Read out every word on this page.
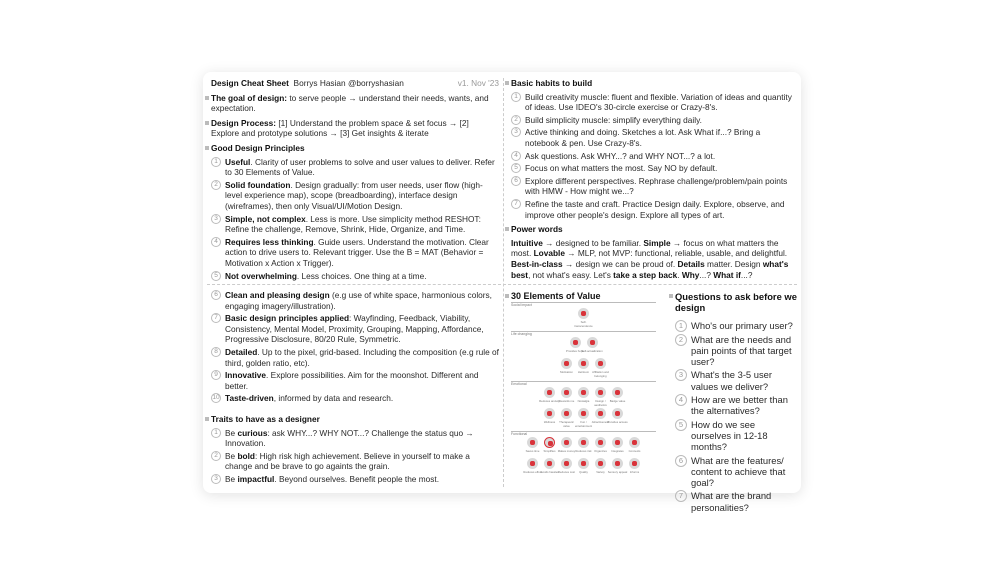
Design Cheat Sheet Borrys Hasian @borryshasian	v1. Nov '23
The goal of design: to serve people → understand their needs, wants, and expectation.
Design Process: [1] Understand the problem space & set focus → [2] Explore and prototype solutions → [3] Get insights & iterate
Good Design Principles
1 Useful. Clarity of user problems to solve and user values to deliver. Refer to 30 Elements of Value.
2 Solid foundation. Design gradually: from user needs, user flow (high-level experience map), scope (breadboarding), interface design (wireframes), then only Visual/UI/Motion Design.
3 Simple, not complex. Less is more. Use simplicity method RESHOT: Refine the challenge, Remove, Shrink, Hide, Organize, and Time.
4 Requires less thinking. Guide users. Understand the motivation. Clear action to drive users to. Relevant trigger. Use the B = MAT (Behavior = Motivation x Action x Trigger).
5 Not overwhelming. Less choices. One thing at a time.
Basic habits to build
1 Build creativity muscle: fluent and flexible. Variation of ideas and quantity of ideas. Use IDEO's 30-circle exercise or Crazy-8's.
2 Build simplicity muscle: simplify everything daily.
3 Active thinking and doing. Sketches a lot. Ask What if...? Bring a notebook & pen. Use Crazy-8's.
4 Ask questions. Ask WHY...? and WHY NOT...? a lot.
5 Focus on what matters the most. Say NO by default.
6 Explore different perspectives. Rephrase challenge/problem/pain points with HMW - How might we...?
7 Refine the taste and craft. Practice Design daily. Explore, observe, and improve other people's design. Explore all types of art.
Power words
Intuitive → designed to be familiar. Simple → focus on what matters the most. Lovable → MLP, not MVP: functional, reliable, usable, and delightful. Best-in-class → design we can be proud of. Details matter. Design what's best, not what's easy. Let's take a step back. Why...? What if...?
6 Clean and pleasing design (e.g use of white space, harmonious colors, engaging imagery/illustration).
7 Basic design principles applied: Wayfinding, Feedback, Viability, Consistency, Mental Model, Proximity, Grouping, Mapping, Affordance, Progressive Disclosure, 80/20 Rule, Symmetric.
8 Detailed. Up to the pixel, grid-based. Including the composition (e.g rule of third, golden ratio, etc).
9 Innovative. Explore possibilities. Aim for the moonshot. Different and better.
10 Taste-driven, informed by data and research.
Traits to have as a designer
1 Be curious: ask WHY...? WHY NOT...? Challenge the status quo → Innovation.
2 Be bold: High risk high achievement. Believe in yourself to make a change and be brave to go againts the grain.
3 Be impactful. Beyond ourselves. Benefit people the most.
30 Elements of Value
Social impact
Self-transcendence
Life changing
Provides hope
Self-actualization
Motivation	Heirloom	Affiliation and belonging
Emotional
Reduces anxiety
Rewards me	Nostalgia	Design / aesthetics
Badge value
Wellness	Therapeutic value
Fun / entertainment
Attractiveness
Provides access
Functional
Saves time	Simplifies Makes money Reduces risk Organizes	Integrates	Connects
Reduces effort
Avoids hassles Reduces cost	Quality	Variety	Sensory appeal Informs
Questions to ask before we design
1 Who's our primary user?
2 What are the needs and pain points of that target user?
3 What's the 3-5 user values we deliver?
4 How are we better than the alternatives?
5 How do we see ourselves in 12-18 months?
6 What are the features/ content to achieve that goal?
7 What are the brand personalities?
